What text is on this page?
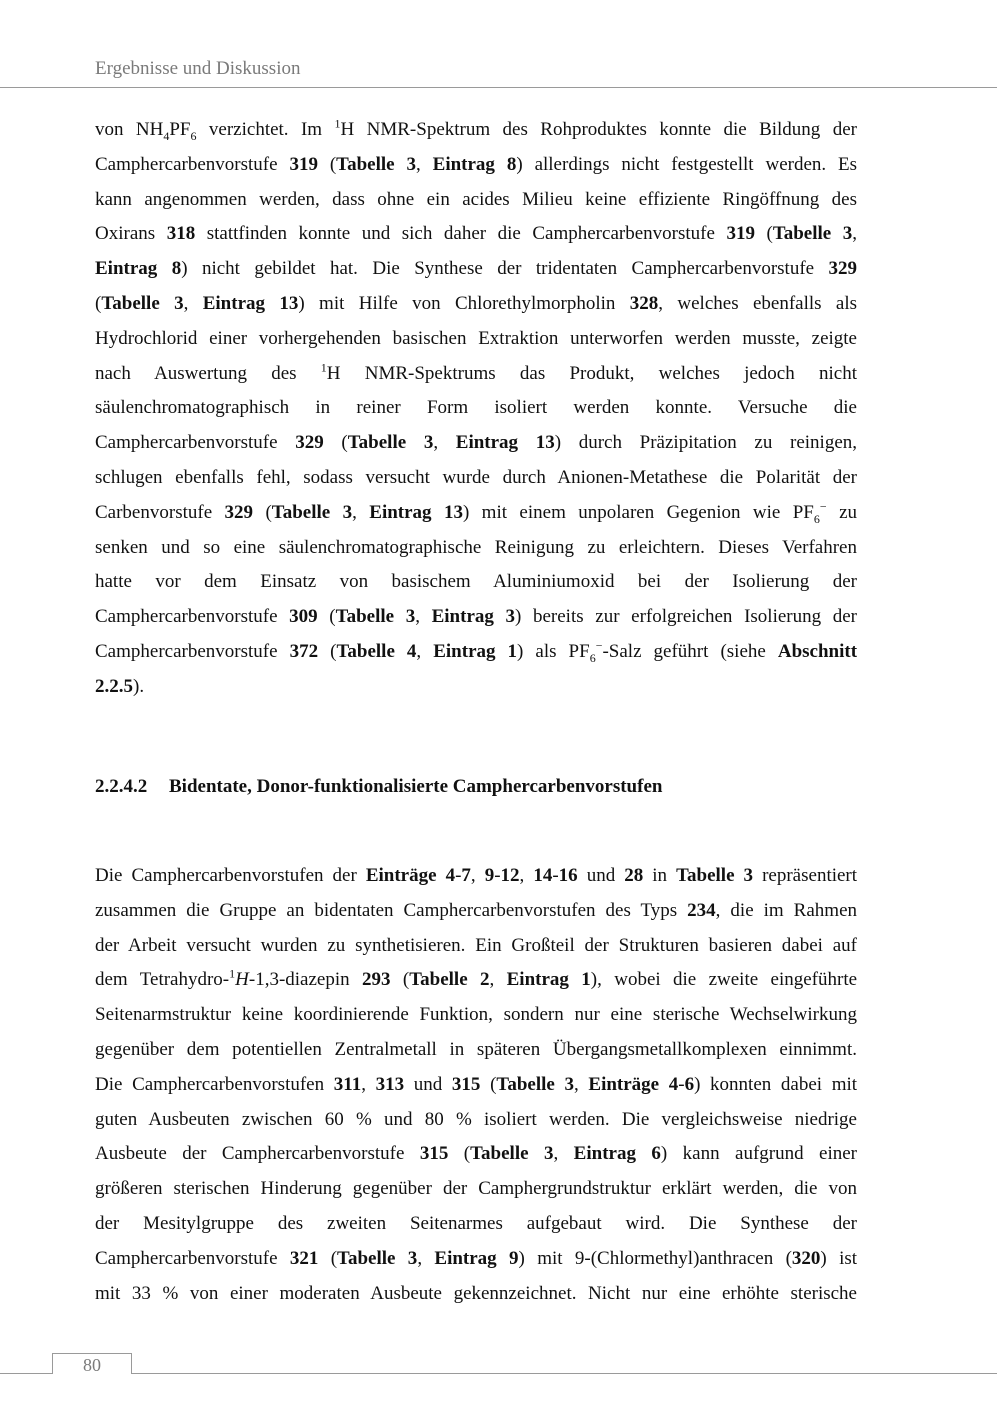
Ergebnisse und Diskussion
von $NH_4PF_6$ verzichtet. Im $^1$H NMR-Spektrum des Rohproduktes konnte die Bildung der
Camphercarbenvorstufe 319 (Tabelle 3, Eintrag 8) allerdings nicht festgestellt werden. Es
kann angenommen werden, dass ohne ein acides Milieu keine effiziente Ringöffnung des
Oxirans 318 stattfinden konnte und sich daher die Camphercarbenvorstufe 319 (Tabelle 3,
Eintrag 8) nicht gebildet hat. Die Synthese der tridentaten Camphercarbenvorstufe 329
(Tabelle 3, Eintrag 13) mit Hilfe von Chlorethylmorpholin 328, welches ebenfalls als
Hydrochlorid einer vorhergehenden basischen Extraktion unterworfen werden musste, zeigte
nach Auswertung des $^1$H NMR-Spektrums das Produkt, welches jedoch nicht
säulenchromatographisch in reiner Form isoliert werden konnte. Versuche die
Camphercarbenvorstufe 329 (Tabelle 3, Eintrag 13) durch Präzipitation zu reinigen,
schlugen ebenfalls fehl, sodass versucht wurde durch Anionen-Metathese die Polarität der
Carbenvorstufe 329 (Tabelle 3, Eintrag 13) mit einem unpolaren Gegenion wie $PF_6^-$ zu
senken und so eine säulenchromatographische Reinigung zu erleichtern. Dieses Verfahren
hatte vor dem Einsatz von basischem Aluminiumoxid bei der Isolierung der
Camphercarbenvorstufe 309 (Tabelle 3, Eintrag 3) bereits zur erfolgreichen Isolierung der
Camphercarbenvorstufe 372 (Tabelle 4, Eintrag 1) als $PF_6^-$-Salz geführt (siehe Abschnitt
2.2.5).
2.2.4.2 Bidentate, Donor-funktionalisierte Camphercarbenvorstufen
Die Camphercarbenvorstufen der Einträge 4-7, 9-12, 14-16 und 28 in Tabelle 3 repräsentiert
zusammen die Gruppe an bidentaten Camphercarbenvorstufen des Typs 234, die im Rahmen
der Arbeit versucht wurden zu synthetisieren. Ein Großteil der Strukturen basieren dabei auf
dem Tetrahydro-$^1$H-1,3-diazepin 293 (Tabelle 2, Eintrag 1), wobei die zweite eingeführte
Seitenarmstruktur keine koordinierende Funktion, sondern nur eine sterische Wechselwirkung
gegenüber dem potentiellen Zentralmetall in späteren Übergangsmetallkomplexen einnimmt.
Die Camphercarbenvorstufen 311, 313 und 315 (Tabelle 3, Einträge 4-6) konnten dabei mit
guten Ausbeuten zwischen 60 % und 80 % isoliert werden. Die vergleichsweise niedrige
Ausbeute der Camphercarbenvorstufe 315 (Tabelle 3, Eintrag 6) kann aufgrund einer
größeren sterischen Hinderung gegenüber der Camphergrundstruktur erklärt werden, die von
der Mesitylgruppe des zweiten Seitenarmes aufgebaut wird. Die Synthese der
Camphercarbenvorstufe 321 (Tabelle 3, Eintrag 9) mit 9-(Chlormethyl)anthracen (320) ist
mit 33 % von einer moderaten Ausbeute gekennzeichnet. Nicht nur eine erhöhte sterische
80
